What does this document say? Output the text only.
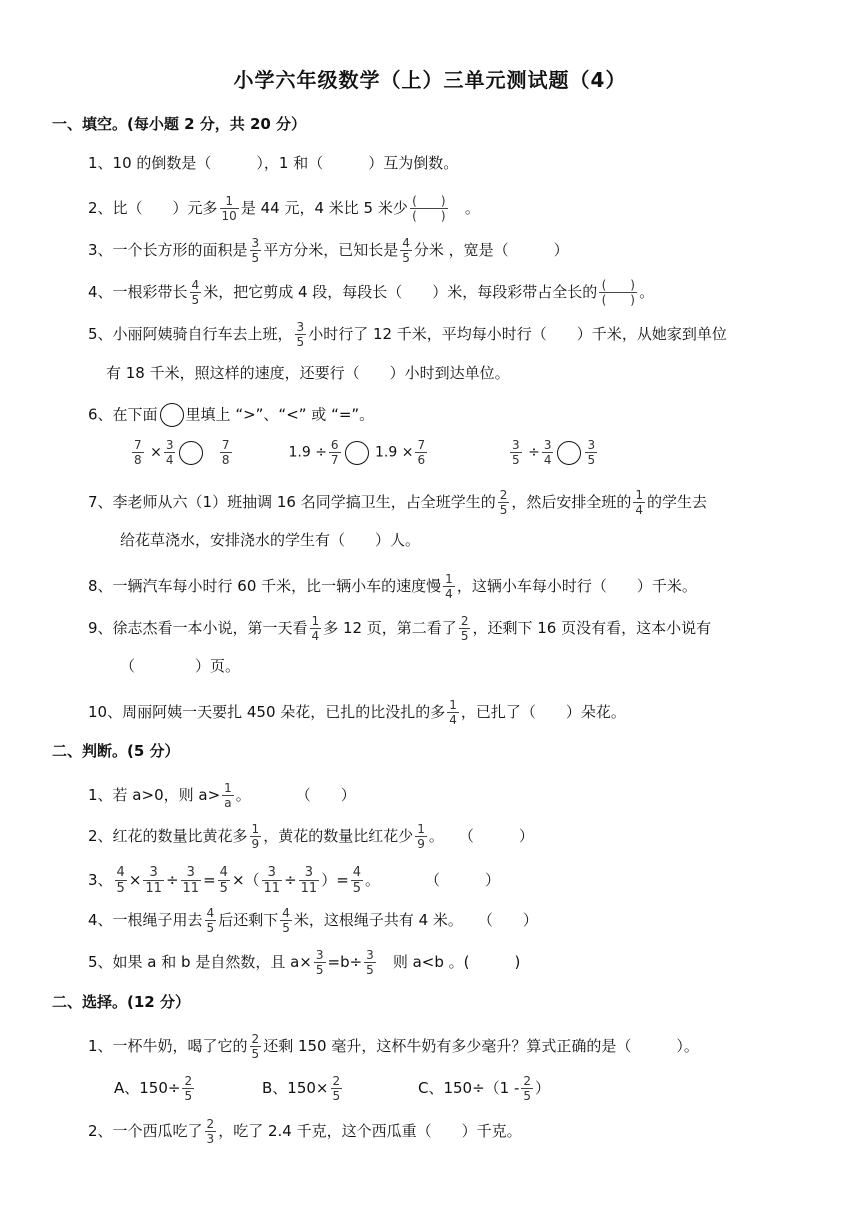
小学六年级数学（上）三单元测试题（4）
一、填空。(每小题 2 分，共 20 分）
1、10 的倒数是（　　　），1 和（　　　）互为倒数。
2、比（　　）元多 $\frac{1}{10}$ 是 44 元，4 米比 5 米少 (　　)
(　　)
　 。
3、一个长方形的面积是 $\frac{3}{5}$ 平方分米，已知长是 $\frac{4}{5}$ 分米 ，宽是（　　　）
4、一根彩带长 $\frac{4}{5}$ 米，把它剪成 4 段，每段长（　　）米，每段彩带占全长的 (　　)
(　　) 。
5、小丽阿姨骑自行车去上班， $\frac{3}{5}$ 小时行了 12 千米，平均每小时行（　　）千米，从她家到单位
有 18 千米，照这样的速度，还要行（　　）小时到达单位。
6、在下面 里填上 “>”、“<” 或 “=”。
$\frac{7}{8} \times \frac{3}{4}$
	$\frac{7}{8}$	$1.9 \div \frac{6}{7} 1.9 \times \frac{7}{6}$
	$\frac{3}{5} \div \frac{3}{4}$	$\frac{3}{5}$
7、李老师从六（1）班抽调 16 名同学搞卫生，占全班学生的 $\frac{2}{5}$ ，然后安排全班的 $\frac{1}{4}$ 的学生去
给花草浇水，安排浇水的学生有（　　）人。
8、一辆汽车每小时行 60 千米，比一辆小车的速度慢 $\frac{1}{4}$ ，这辆小车每小时行（　　）千米。
9、徐志杰看一本小说，第一天看 $\frac{1}{4}$ 多 12 页，第二看了 $\frac{2}{5}$ ，还剩下 16 页没有看，这本小说有
（　　　　）页。
10、周丽阿姨一天要扎 450 朵花，已扎的比没扎的多 $\frac{1}{4}$ ，已扎了（　　）朵花。
二、判断。(5 分）
1、若 a>0，则 $a> \frac{1}{a}$ 。　　　　（　　）
2、红花的数量比黄花多 $\frac{1}{9}$ ，黄花的数量比红花少 $\frac{1}{9}$ 。　　（　　　）
3、 $\frac{4}{5} \times \frac{3}{11} \div \frac{3}{11} = \frac{4}{5}$ ×（ $\frac{3}{11} \div \frac{3}{11}$ ）= $\frac{4}{5}$ 。　　　　（　　　）
4、一根绳子用去 $\frac{4}{5}$ 后还剩下 $\frac{4}{5}$ 米，这根绳子共有 4 米。　　（　　）
5、如果 a 和 b 是自然数，且 $a\times \frac{3}{5} =b\div \frac{3}{5}$
　 则 a<b 。(　　　)
二、选择。(12 分）
1、一杯牛奶，喝了它的 $\frac{2}{5}$ 还剩 150 毫升，这杯牛奶有多少毫升？算式正确的是（　　　）。
A、$150\div \frac{2}{5}$	B、$150\times \frac{2}{5}$	C、$150\div(1 - \frac{2}{5}$ ）
2、一个西瓜吃了 $\frac{2}{3}$ ，吃了 2.4 千克，这个西瓜重（　　）千克。
